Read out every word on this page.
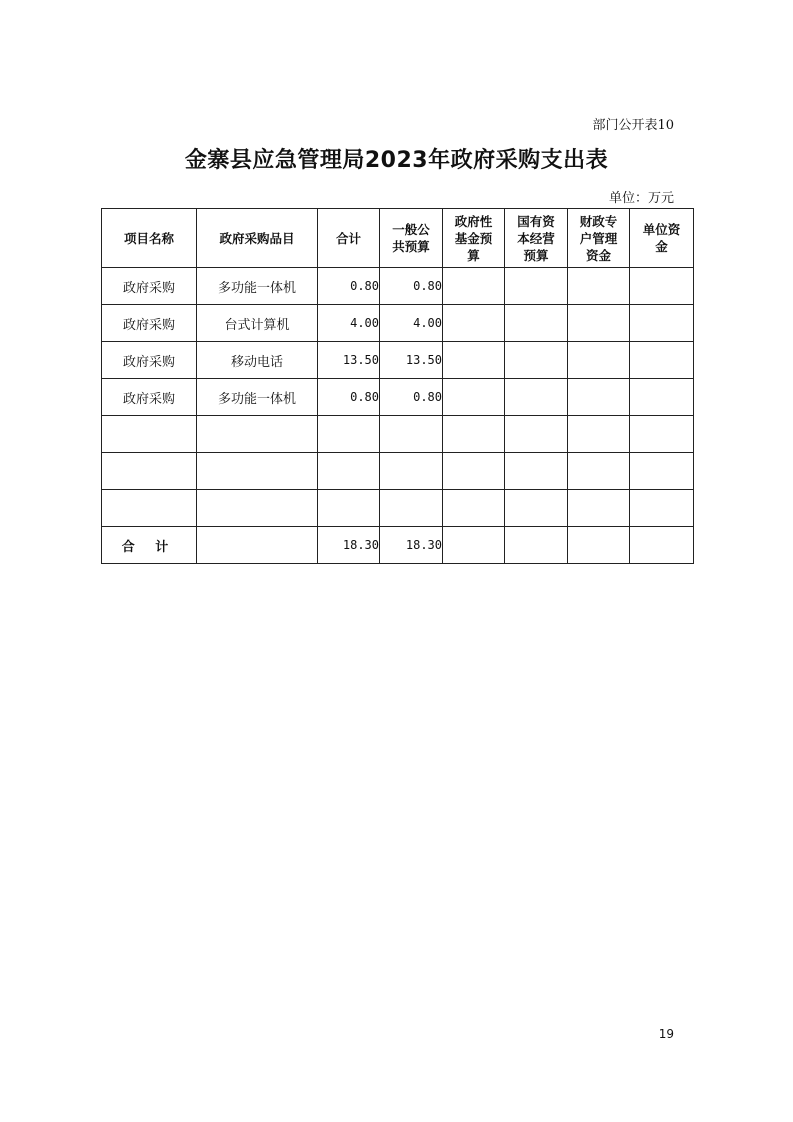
部门公开表10
金寨县应急管理局2023年政府采购支出表
单位：万元
项目名称	政府采购品目	合计	一般公共预算	政府性基金预算	国有资本经营预算	财政专户管理资金	单位资金
政府采购	多功能一体机	0.80	0.80				
政府采购	台式计算机	4.00	4.00				
政府采购	移动电话	13.50	13.50				
政府采购	多功能一体机	0.80	0.80				

合 计		18.30	18.30				
19
